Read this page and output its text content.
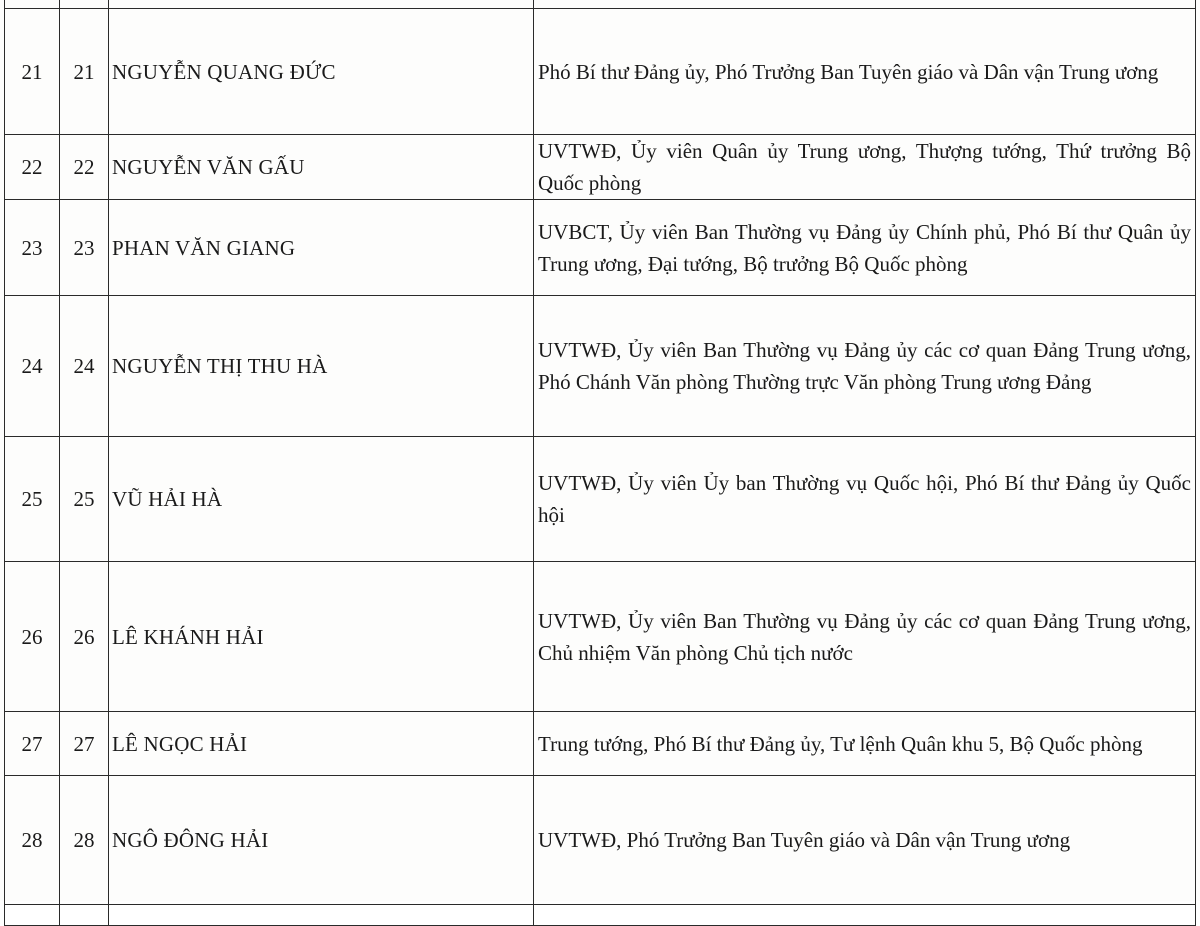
21	21	NGUYỄN QUANG ĐỨC	Phó Bí thư Đảng ủy, Phó Trưởng Ban Tuyên giáo và Dân vận Trung ương

22	22	NGUYỄN VĂN GẤU	UVTWĐ, Ủy viên Quân ủy Trung ương, Thượng tướng, Thứ trưởng Bộ Quốc phòng

23	23	PHAN VĂN GIANG	UVBCT, Ủy viên Ban Thường vụ Đảng ủy Chính phủ, Phó Bí thư Quân ủy Trung ương, Đại tướng, Bộ trưởng Bộ Quốc phòng

24	24	NGUYỄN THỊ THU HÀ	UVTWĐ, Ủy viên Ban Thường vụ Đảng ủy các cơ quan Đảng Trung ương, Phó Chánh Văn phòng Thường trực Văn phòng Trung ương Đảng

25	25	VŨ HẢI HÀ	UVTWĐ, Ủy viên Ủy ban Thường vụ Quốc hội, Phó Bí thư Đảng ủy Quốc hội

26	26	LÊ KHÁNH HẢI	UVTWĐ, Ủy viên Ban Thường vụ Đảng ủy các cơ quan Đảng Trung ương, Chủ nhiệm Văn phòng Chủ tịch nước

27	27	LÊ NGỌC HẢI	Trung tướng, Phó Bí thư Đảng ủy, Tư lệnh Quân khu 5, Bộ Quốc phòng

28	28	NGÔ ĐÔNG HẢI	UVTWĐ, Phó Trưởng Ban Tuyên giáo và Dân vận Trung ương
